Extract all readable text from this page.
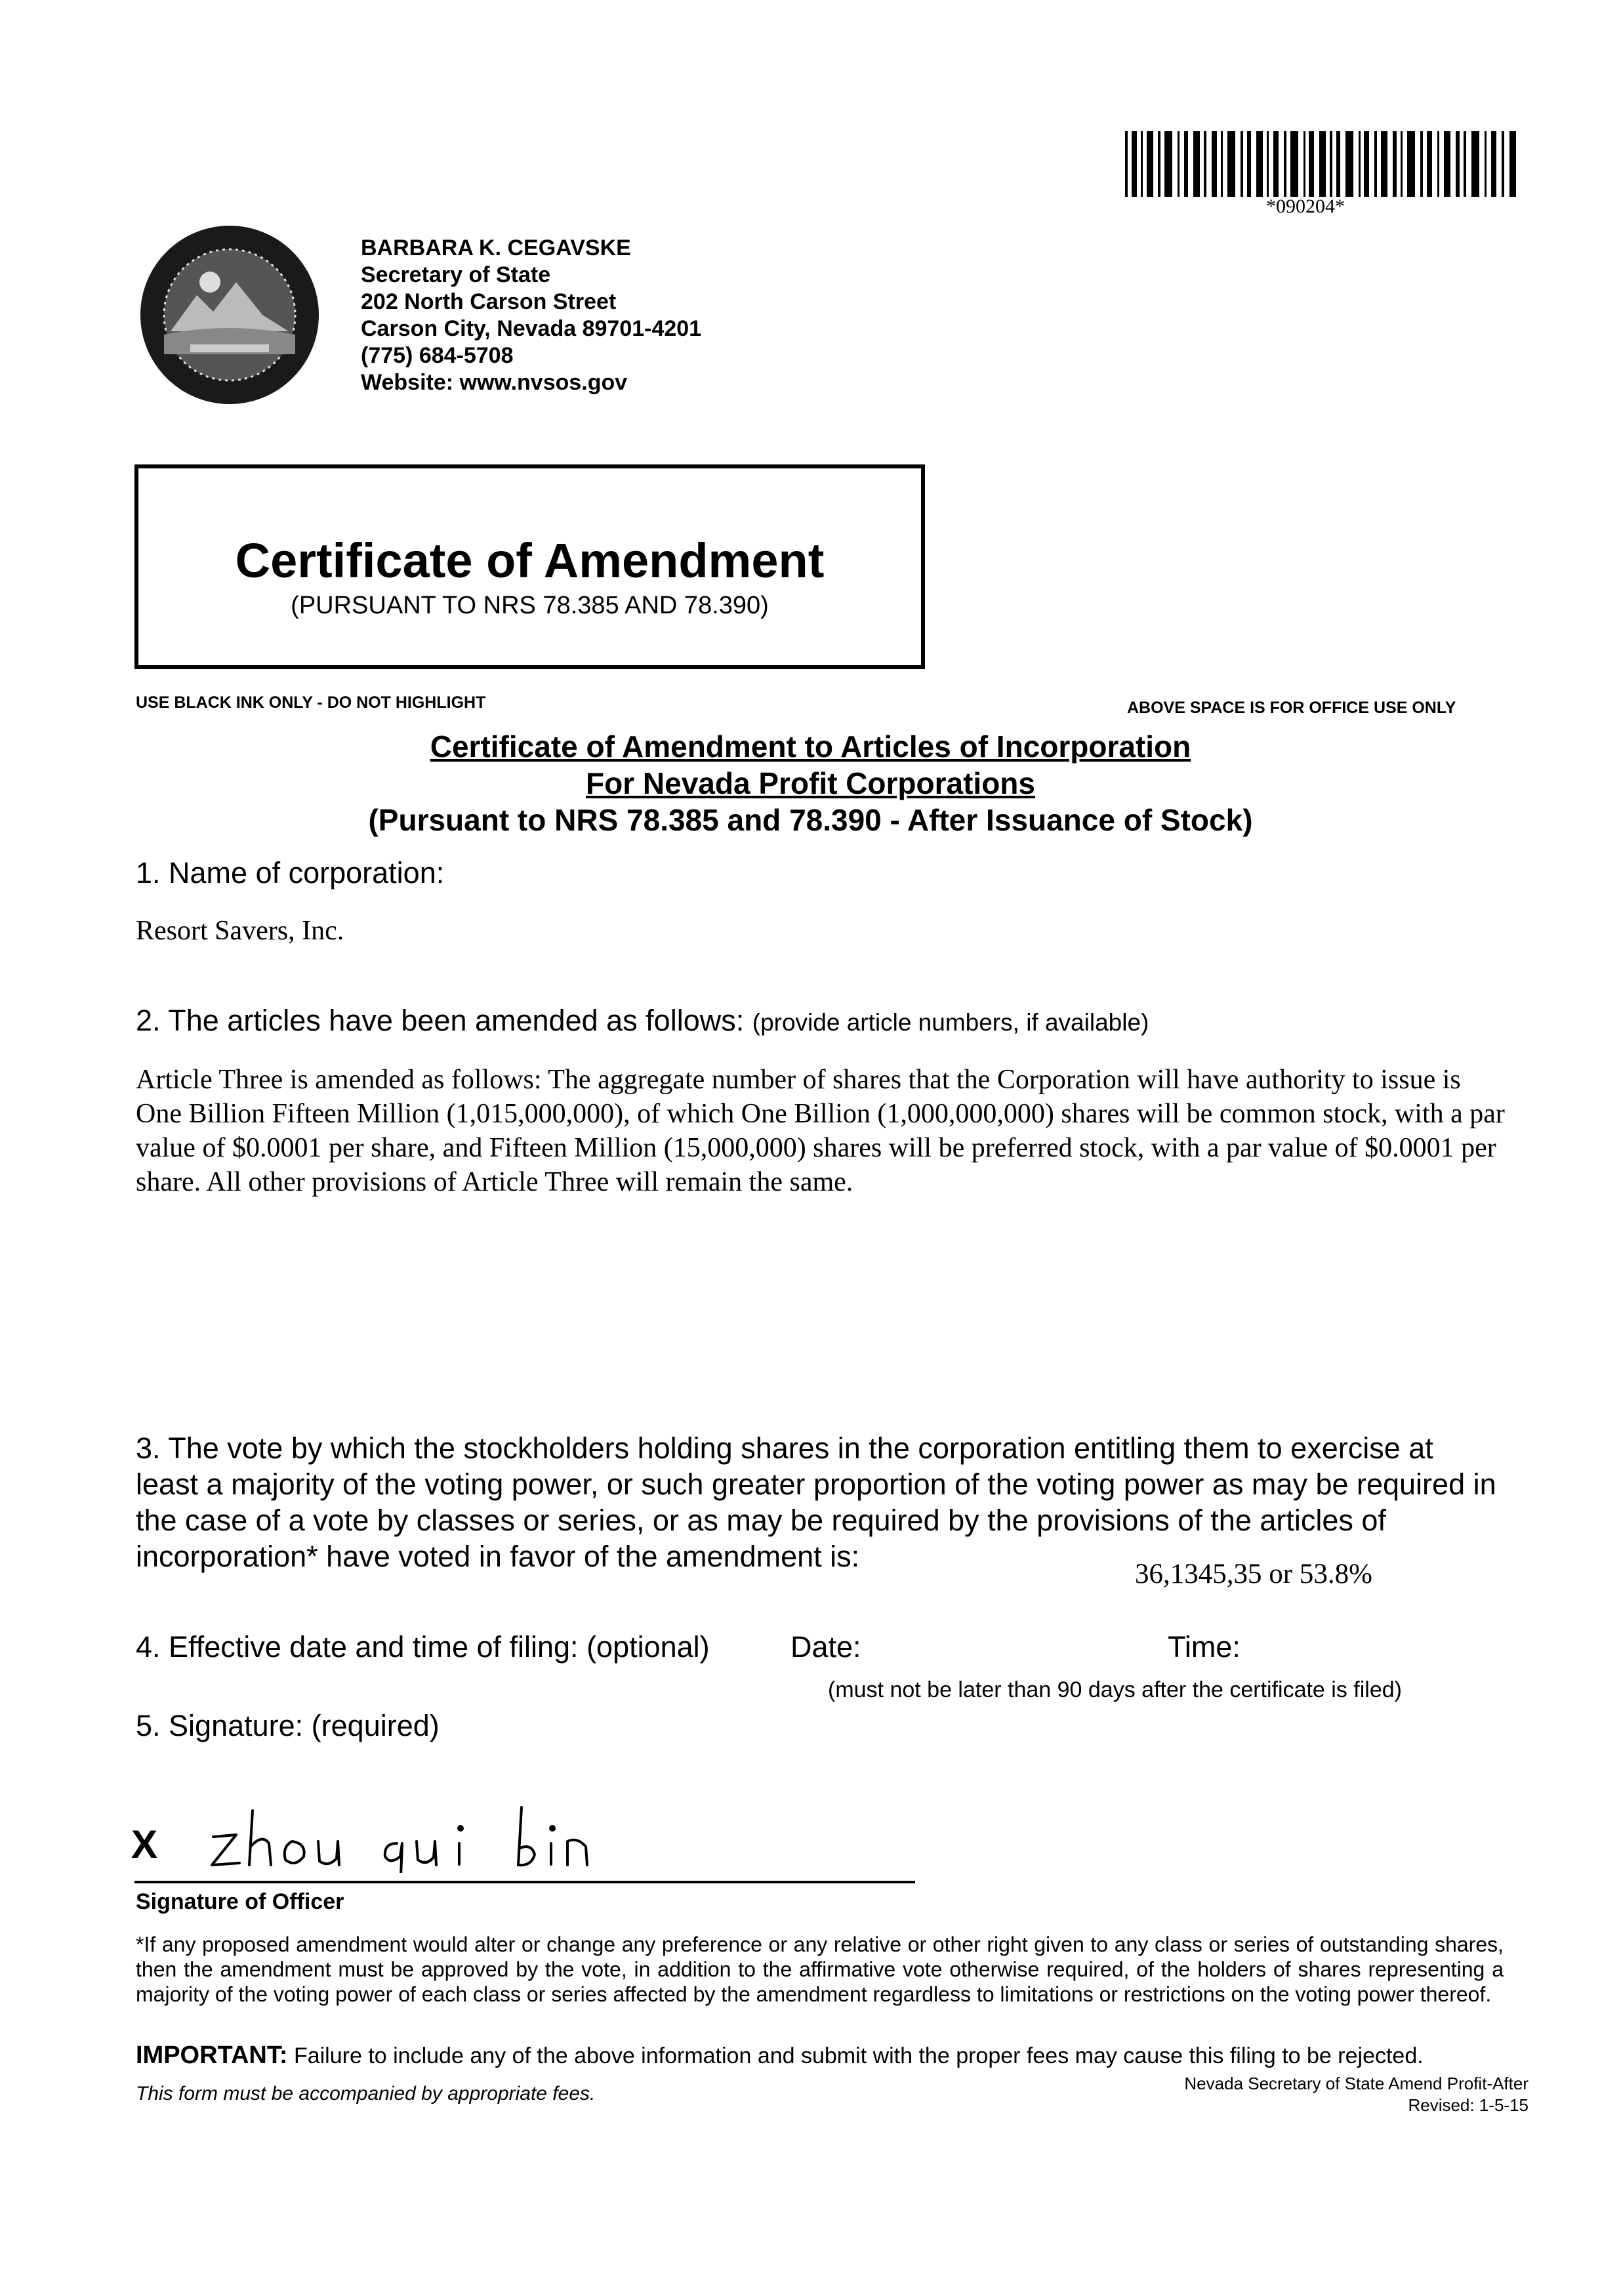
BARBARA K. CEGAVSKE
Secretary of State
202 North Carson Street
Carson City, Nevada 89701-4201
(775) 684-5708
Website: www.nvsos.gov
*090204*
Certificate of Amendment
(PURSUANT TO NRS 78.385 AND 78.390)
USE BLACK INK ONLY - DO NOT HIGHLIGHT	ABOVE SPACE IS FOR OFFICE USE ONLY
Certificate of Amendment to Articles of Incorporation
For Nevada Profit Corporations
(Pursuant to NRS 78.385 and 78.390 - After Issuance of Stock)
1. Name of corporation:
Resort Savers, Inc.
2. The articles have been amended as follows: (provide article numbers, if available)
Article Three is amended as follows: The aggregate number of shares that the Corporation will have authority to issue is One Billion Fifteen Million (1,015,000,000), of which One Billion (1,000,000,000) shares will be common stock, with a par value of $0.0001 per share, and Fifteen Million (15,000,000) shares will be preferred stock, with a par value of $0.0001 per share. All other provisions of Article Three will remain the same.
3. The vote by which the stockholders holding shares in the corporation entitling them to exercise at least a majority of the voting power, or such greater proportion of the voting power as may be required in the case of a vote by classes or series, or as may be required by the provisions of the articles of incorporation* have voted in favor of the amendment is:
36,1345,35 or 53.8%
4. Effective date and time of filing: (optional)	Date:	Time:
(must not be later than 90 days after the certificate is filed)
5. Signature: (required)
X
Signature of Officer
*If any proposed amendment would alter or change any preference or any relative or other right given to any class or series of outstanding shares, then the amendment must be approved by the vote, in addition to the affirmative vote otherwise required, of the holders of shares representing a majority of the voting power of each class or series affected by the amendment regardless to limitations or restrictions on the voting power thereof.
IMPORTANT: Failure to include any of the above information and submit with the proper fees may cause this filing to be rejected.
This form must be accompanied by appropriate fees.	Nevada Secretary of State Amend Profit-After
Revised: 1-5-15
